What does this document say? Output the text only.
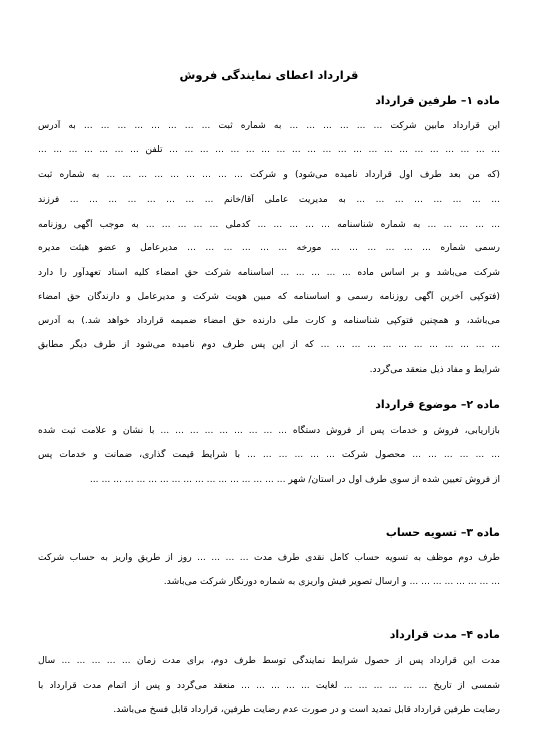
قرارداد اعطای نمایندگی فروش
ماده ۱– طرفین قرارداد
این قرارداد مابین شرکت ... ... ... ... ... ... به شماره ثبت ... ... ... ... ... ... ... ... به آدرس
... ... ... ... ... ... ... ... ... ... ... ... ... ... ... ... ... ... ... ... ... ... تلفن ... ... ... ... ... ... ...
(که من بعد طرف اول قرارداد نامیده می‌شود) و شرکت ... ... ... ... ... ... ... ... ... به شماره ثبت
... ... ... ... ... ... ... ... به مدیریت عاملی آقا/خانم ... ... ... ... ... ... ... ... فرزند
... ... ... ... ... به شماره شناسنامه ... ... ... ... ... کدملی ... ... ... ... ... به موجب آگهی روزنامه
رسمی شماره ... ... ... ... ... ... مورخه ... ... ... ... ... ... مدیرعامل و عضو هیئت مدیره
شرکت می‌باشد و بر اساس ماده ... ... ... ... ... اساسنامه شرکت حق امضاء کلیه اسناد تعهدآور را دارد
(فتوکپی آخرین آگهی روزنامه رسمی و اساسنامه که مبین هویت شرکت و مدیرعامل و دارندگان حق امضاء
می‌باشد، و همچنین فتوکپی شناسنامه و کارت ملی دارنده حق امضاء ضمیمه قرارداد خواهد شد.) به آدرس
... ... ... ... ... ... ... ... ... ... ... ... که از این پس طرف دوم نامیده می‌شود از طرف دیگر مطابق
شرایط و مفاد ذیل منعقد می‌گردد.
ماده ۲– موضوع قرارداد
بازاریابی، فروش و خدمات پس از فروش دستگاه ... ... ... ... ... ... ... ... ... با نشان و علامت ثبت شده
... ... ... ... ... ... محصول شرکت ... ... ... ... ... ... با شرایط قیمت گذاری، ضمانت و خدمات پس
از فروش تعیین شده از سوی طرف اول در استان/ شهر ... ... ... ... ... ... ... ... ... ... ... ... ... ... ... ... ...
ماده ۳– تسویه حساب
طرف دوم موظف به تسویه حساب کامل نقدی طرف مدت ... ... ... ... روز از طریق واریز به حساب شرکت
... ... ... ... ... ... ... ... و ارسال تصویر فیش واریزی به شماره دورنگار شرکت می‌باشد.
ماده ۴– مدت قرارداد
مدت این قرارداد پس از حصول شرایط نمایندگی توسط طرف دوم، برای مدت زمان ... ... ... ... ... سال
شمسی از تاریخ ... ... ... ... ... ... لغایت ... ... ... ... ... منعقد می‌گردد و پس از اتمام مدت قرارداد با
رضایت طرفین قرارداد قابل تمدید است و در صورت عدم رضایت طرفین، قرارداد قابل فسخ می‌باشد.
